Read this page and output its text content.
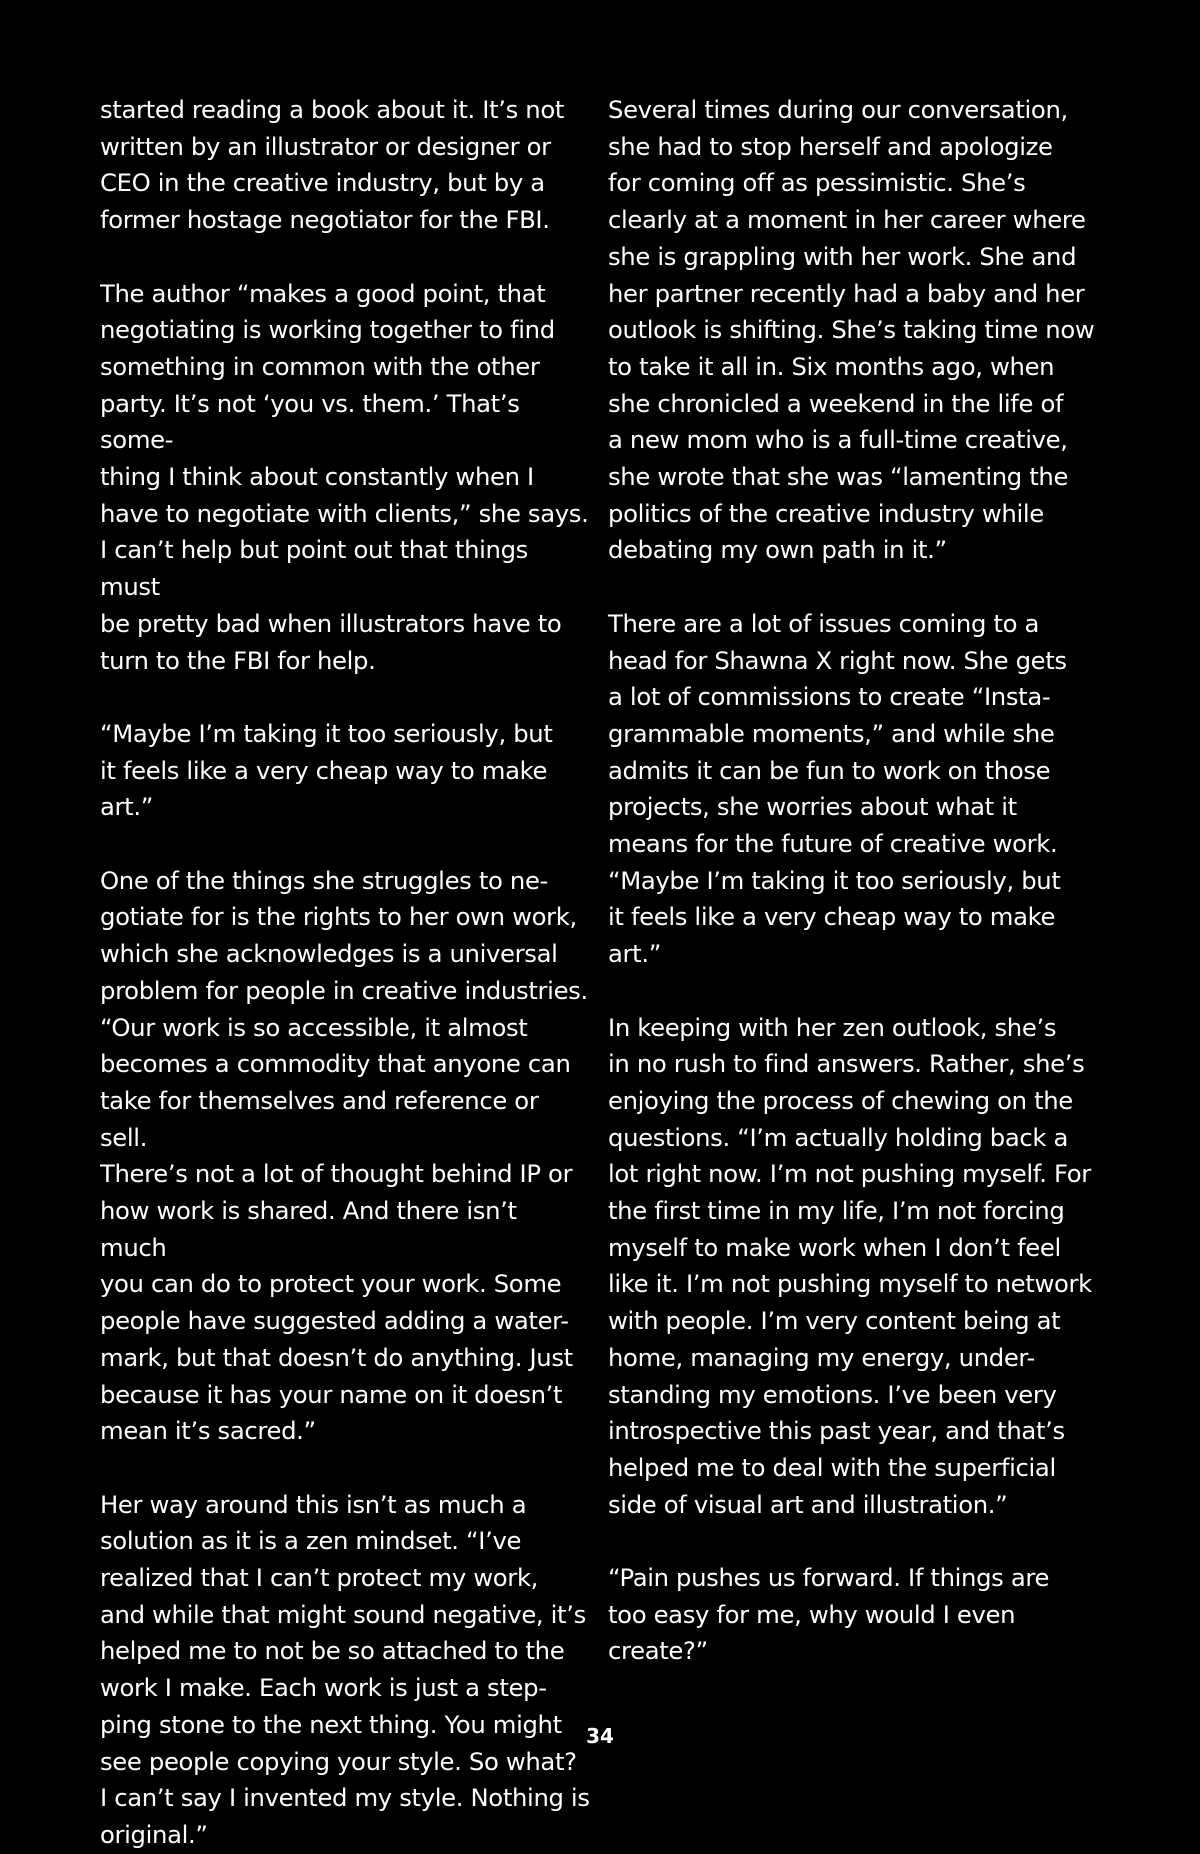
started reading a book about it. It’s not
written by an illustrator or designer or
CEO in the creative industry, but by a
former hostage negotiator for the FBI.

The author “makes a good point, that
negotiating is working together to find
something in common with the other
party. It’s not ‘you vs. them.’ That’s some-
thing I think about constantly when I
have to negotiate with clients,” she says.
I can’t help but point out that things must
be pretty bad when illustrators have to
turn to the FBI for help.

“Maybe I’m taking it too seriously, but
it feels like a very cheap way to make
art.”

One of the things she struggles to ne-
gotiate for is the rights to her own work,
which she acknowledges is a universal
problem for people in creative industries.
“Our work is so accessible, it almost
becomes a commodity that anyone can
take for themselves and reference or sell.
There’s not a lot of thought behind IP or
how work is shared. And there isn’t much
you can do to protect your work. Some
people have suggested adding a water-
mark, but that doesn’t do anything. Just
because it has your name on it doesn’t
mean it’s sacred.”

Her way around this isn’t as much a
solution as it is a zen mindset. “I’ve
realized that I can’t protect my work,
and while that might sound negative, it’s
helped me to not be so attached to the
work I make. Each work is just a step-
ping stone to the next thing. You might
see people copying your style. So what?
I can’t say I invented my style. Nothing is
original.”

Several times during our conversation,
she had to stop herself and apologize
for coming off as pessimistic. She’s
clearly at a moment in her career where
she is grappling with her work. She and
her partner recently had a baby and her
outlook is shifting. She’s taking time now
to take it all in. Six months ago, when
she chronicled a weekend in the life of
a new mom who is a full-time creative,
she wrote that she was “lamenting the
politics of the creative industry while
debating my own path in it.”

There are a lot of issues coming to a
head for Shawna X right now. She gets
a lot of commissions to create “Insta-
grammable moments,” and while she
admits it can be fun to work on those
projects, she worries about what it
means for the future of creative work.
“Maybe I’m taking it too seriously, but
it feels like a very cheap way to make
art.”

In keeping with her zen outlook, she’s
in no rush to find answers. Rather, she’s
enjoying the process of chewing on the
questions. “I’m actually holding back a
lot right now. I’m not pushing myself. For
the first time in my life, I’m not forcing
myself to make work when I don’t feel
like it. I’m not pushing myself to network
with people. I’m very content being at
home, managing my energy, under-
standing my emotions. I’ve been very
introspective this past year, and that’s
helped me to deal with the superficial
side of visual art and illustration.”

“Pain pushes us forward. If things are
too easy for me, why would I even
create?”

34
